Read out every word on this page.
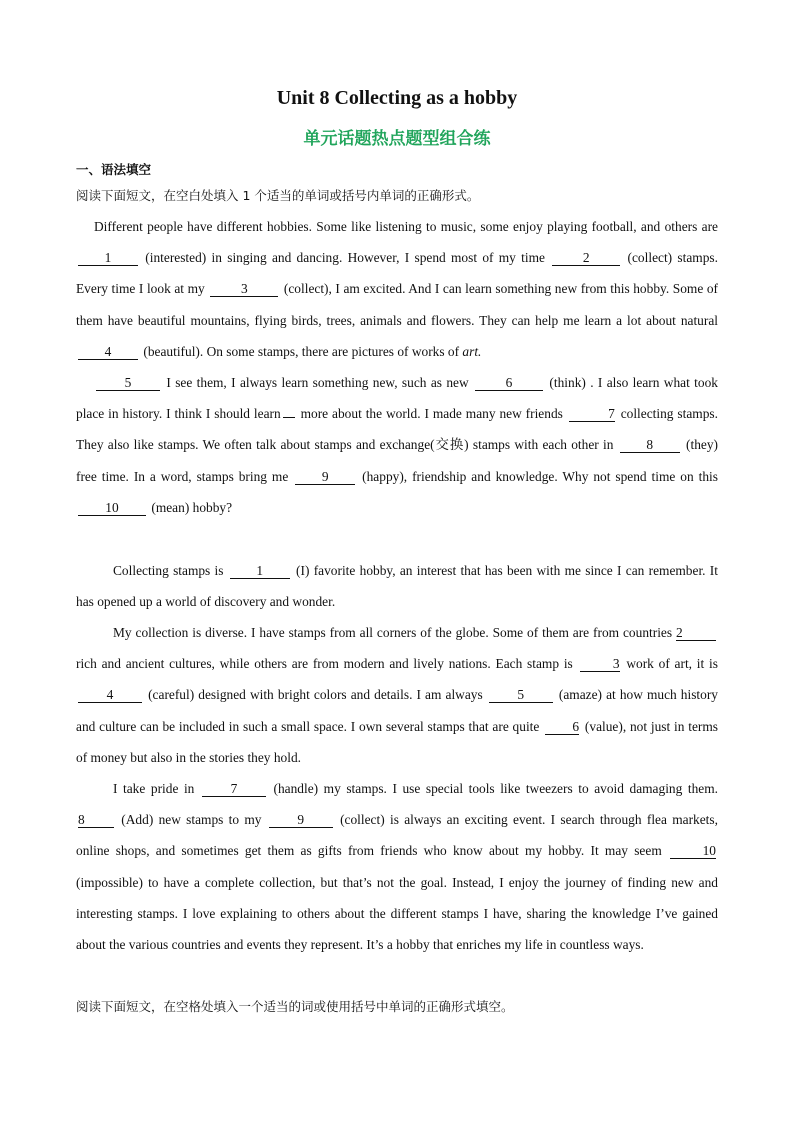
Unit 8 Collecting as a hobby
单元话题热点题型组合练
一、语法填空
阅读下面短文，在空白处填入 1 个适当的单词或括号内单词的正确形式。
Different people have different hobbies. Some like listening to music, some enjoy playing football, and others are 1	(interested) in singing and dancing. However, I spend most of my time	2	(collect) stamps. Every time I look at my	3	(collect), I am excited. And I can learn something new from this hobby. Some of them have beautiful mountains, flying birds, trees, animals and flowers. They can help me learn a lot about natural 4 (beautiful). On some stamps, there are pictures of works of art.
5	I see them, I always learn something new, such as new	6	(think) . I also learn what took place in history. I think I should learn more about the world. I made many new friends	7 collecting stamps. They also like stamps. We often talk about stamps and exchange(交换) stamps with each other in 8 (they) free time. In a word, stamps bring me	9	(happy), friendship and knowledge. Why not spend time on this 10 (mean) hobby?
Collecting stamps is 1 (I) favorite hobby, an interest that has been with me since I can remember. It has opened up a world of discovery and wonder.
My collection is diverse. I have stamps from all corners of the globe. Some of them are from countries 2 rich and ancient cultures, while others are from modern and lively nations. Each stamp is	3 work of art, it is 4	(careful) designed with bright colors and details. I am always	5	(amaze) at how much history and culture can be included in such a small space. I own several stamps that are quite 6 (value), not just in terms of money but also in the stories they hold.
I take pride in	7	(handle) my stamps. I use special tools like tweezers to avoid damaging them. 8	(Add) new stamps to my	9	(collect) is always an exciting event. I search through flea markets, online shops, and sometimes get them as gifts from friends who know about my hobby. It may seem	10 (impossible) to have a complete collection, but that’s not the goal. Instead, I enjoy the journey of finding new and interesting stamps. I love explaining to others about the different stamps I have, sharing the knowledge I’ve gained about the various countries and events they represent. It’s a hobby that enriches my life in countless ways.
阅读下面短文，在空格处填入一个适当的词或使用括号中单词的正确形式填空。
